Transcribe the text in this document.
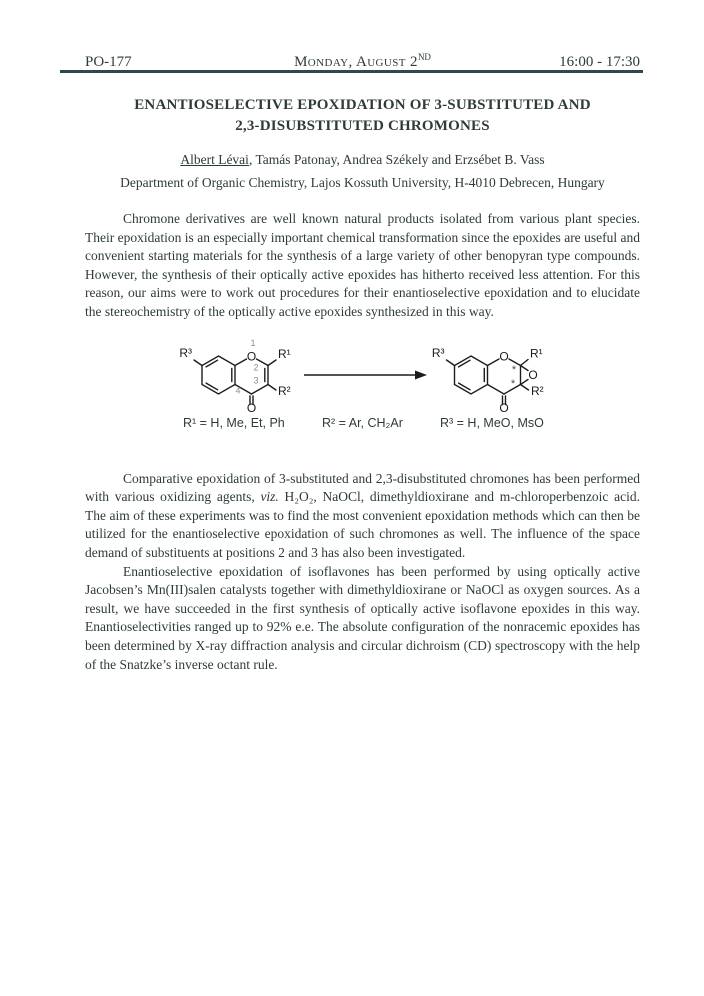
PO-177	Monday, August 2ND	16:00 - 17:30
ENANTIOSELECTIVE EPOXIDATION OF 3-SUBSTITUTED AND
2,3-DISUBSTITUTED CHROMONES

Albert Lévai, Tamás Patonay, Andrea Székely and Erzsébet B. Vass

Department of Organic Chemistry, Lajos Kossuth University, H-4010 Debrecen, Hungary

Chromone derivatives are well known natural products isolated from various plant species. Their epoxidation is an especially important chemical transformation since the epoxides are useful and convenient starting materials for the synthesis of a large variety of other benopyran type compounds. However, the synthesis of their optically active epoxides has hitherto received less attention. For this reason, our aims were to work out procedures for their enantioselective epoxidation and to elucidate the stereochemistry of the optically active epoxides synthesized in this way.

R³	O R¹
R²
O
1
2
3
4
R³	O R¹
O
R²
O
*
*
R¹ = H, Me, Et, Ph	R² = Ar, CH₂Ar	R³ = H, MeO, MsO

Comparative epoxidation of 3-substituted and 2,3-disubstituted chromones has been performed with various oxidizing agents, viz. H₂O₂, NaOCl, dimethyldioxirane and m-chloroperbenzoic acid. The aim of these experiments was to find the most convenient epoxidation methods which can then be utilized for the enantioselective epoxidation of such chromones as well. The influence of the space demand of substituents at positions 2 and 3 has also been investigated.

Enantioselective epoxidation of isoflavones has been performed by using optically active Jacobsen’s Mn(III)salen catalysts together with dimethyldioxirane or NaOCl as oxygen sources. As a result, we have succeeded in the first synthesis of optically active isoflavone epoxides in this way. Enantioselectivities ranged up to 92% e.e. The absolute configuration of the nonracemic epoxides has been determined by X-ray diffraction analysis and circular dichroism (CD) spectroscopy with the help of the Snatzke’s inverse octant rule.
